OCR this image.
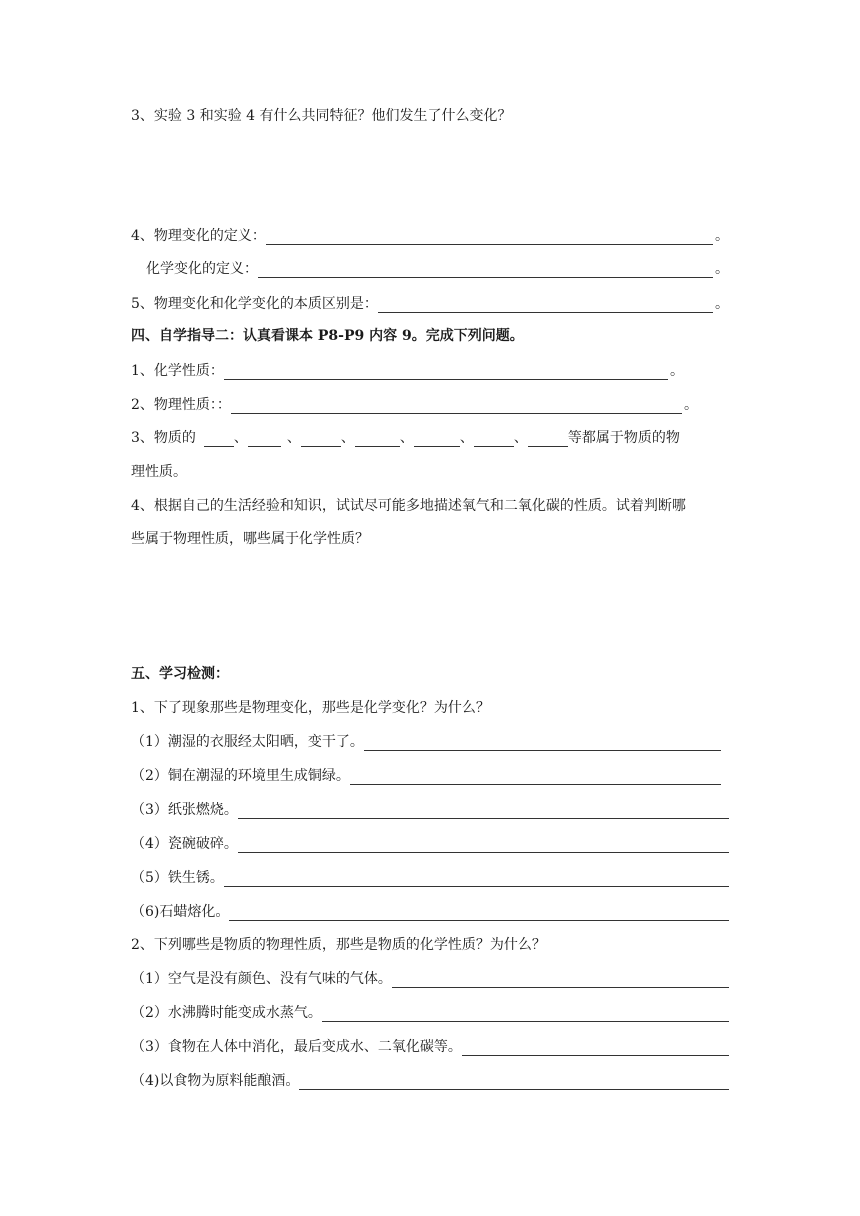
3、实验 3 和实验 4 有什么共同特征？他们发生了什么变化？
4、物理变化的定义：	。
化学变化的定义：	。
5、物理变化和化学变化的本质区别是：	。
四、自学指导二：认真看课本 P8-P9 内容 9。完成下列问题。
1、化学性质：	。
2、物理性质：：	。
3、物质的	、	、	、	、	、	、	等都属于物质的物
理性质。
4、根据自己的生活经验和知识，试试尽可能多地描述氧气和二氧化碳的性质。试着判断哪
些属于物理性质，哪些属于化学性质？
五、学习检测：
1、下了现象那些是物理变化，那些是化学变化？为什么？
（1）潮湿的衣服经太阳晒，变干了。
（2）铜在潮湿的环境里生成铜绿。
（3）纸张燃烧。
（4）瓷碗破碎。
（5）铁生锈。
（6)石蜡熔化。
2、下列哪些是物质的物理性质，那些是物质的化学性质？为什么？
（1）空气是没有颜色、没有气味的气体。
（2）水沸腾时能变成水蒸气。
（3）食物在人体中消化，最后变成水、二氧化碳等。
（4)以食物为原料能酿酒。
